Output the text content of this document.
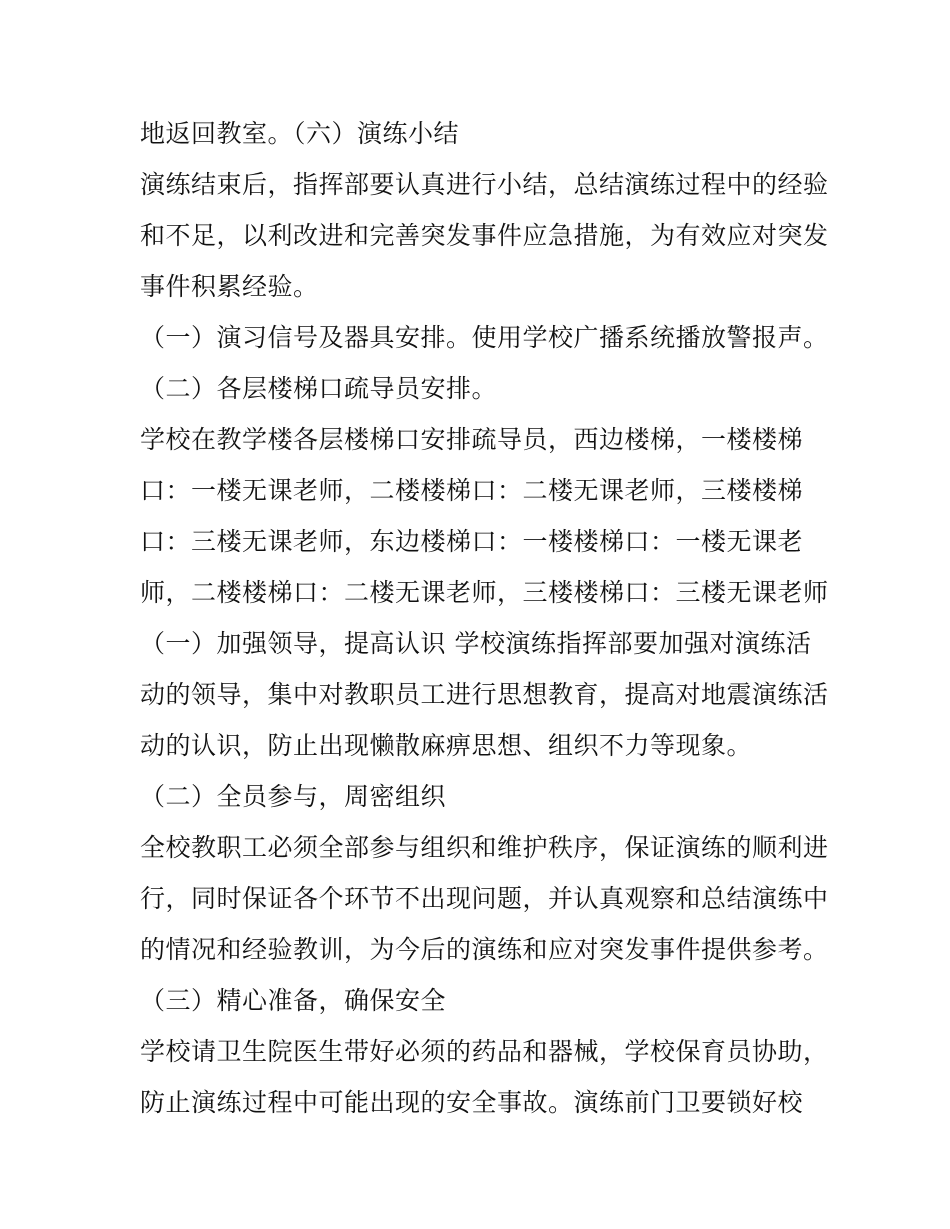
地返回教室。（六）演练小结
演练结束后，指挥部要认真进行小结，总结演练过程中的经验
和不足，以利改进和完善突发事件应急措施，为有效应对突发
事件积累经验。
（一）演习信号及器具安排。使用学校广播系统播放警报声。
（二）各层楼梯口疏导员安排。
学校在教学楼各层楼梯口安排疏导员，西边楼梯，一楼楼梯
口：一楼无课老师，二楼楼梯口：二楼无课老师，三楼楼梯
口：三楼无课老师，东边楼梯口：一楼楼梯口：一楼无课老
师，二楼楼梯口：二楼无课老师，三楼楼梯口：三楼无课老师
（一）加强领导，提高认识 学校演练指挥部要加强对演练活
动的领导，集中对教职员工进行思想教育，提高对地震演练活
动的认识，防止出现懒散麻痹思想、组织不力等现象。
（二）全员参与，周密组织
全校教职工必须全部参与组织和维护秩序，保证演练的顺利进
行，同时保证各个环节不出现问题，并认真观察和总结演练中
的情况和经验教训，为今后的演练和应对突发事件提供参考。
（三）精心准备，确保安全
学校请卫生院医生带好必须的药品和器械，学校保育员协助，
防止演练过程中可能出现的安全事故。演练前门卫要锁好校
